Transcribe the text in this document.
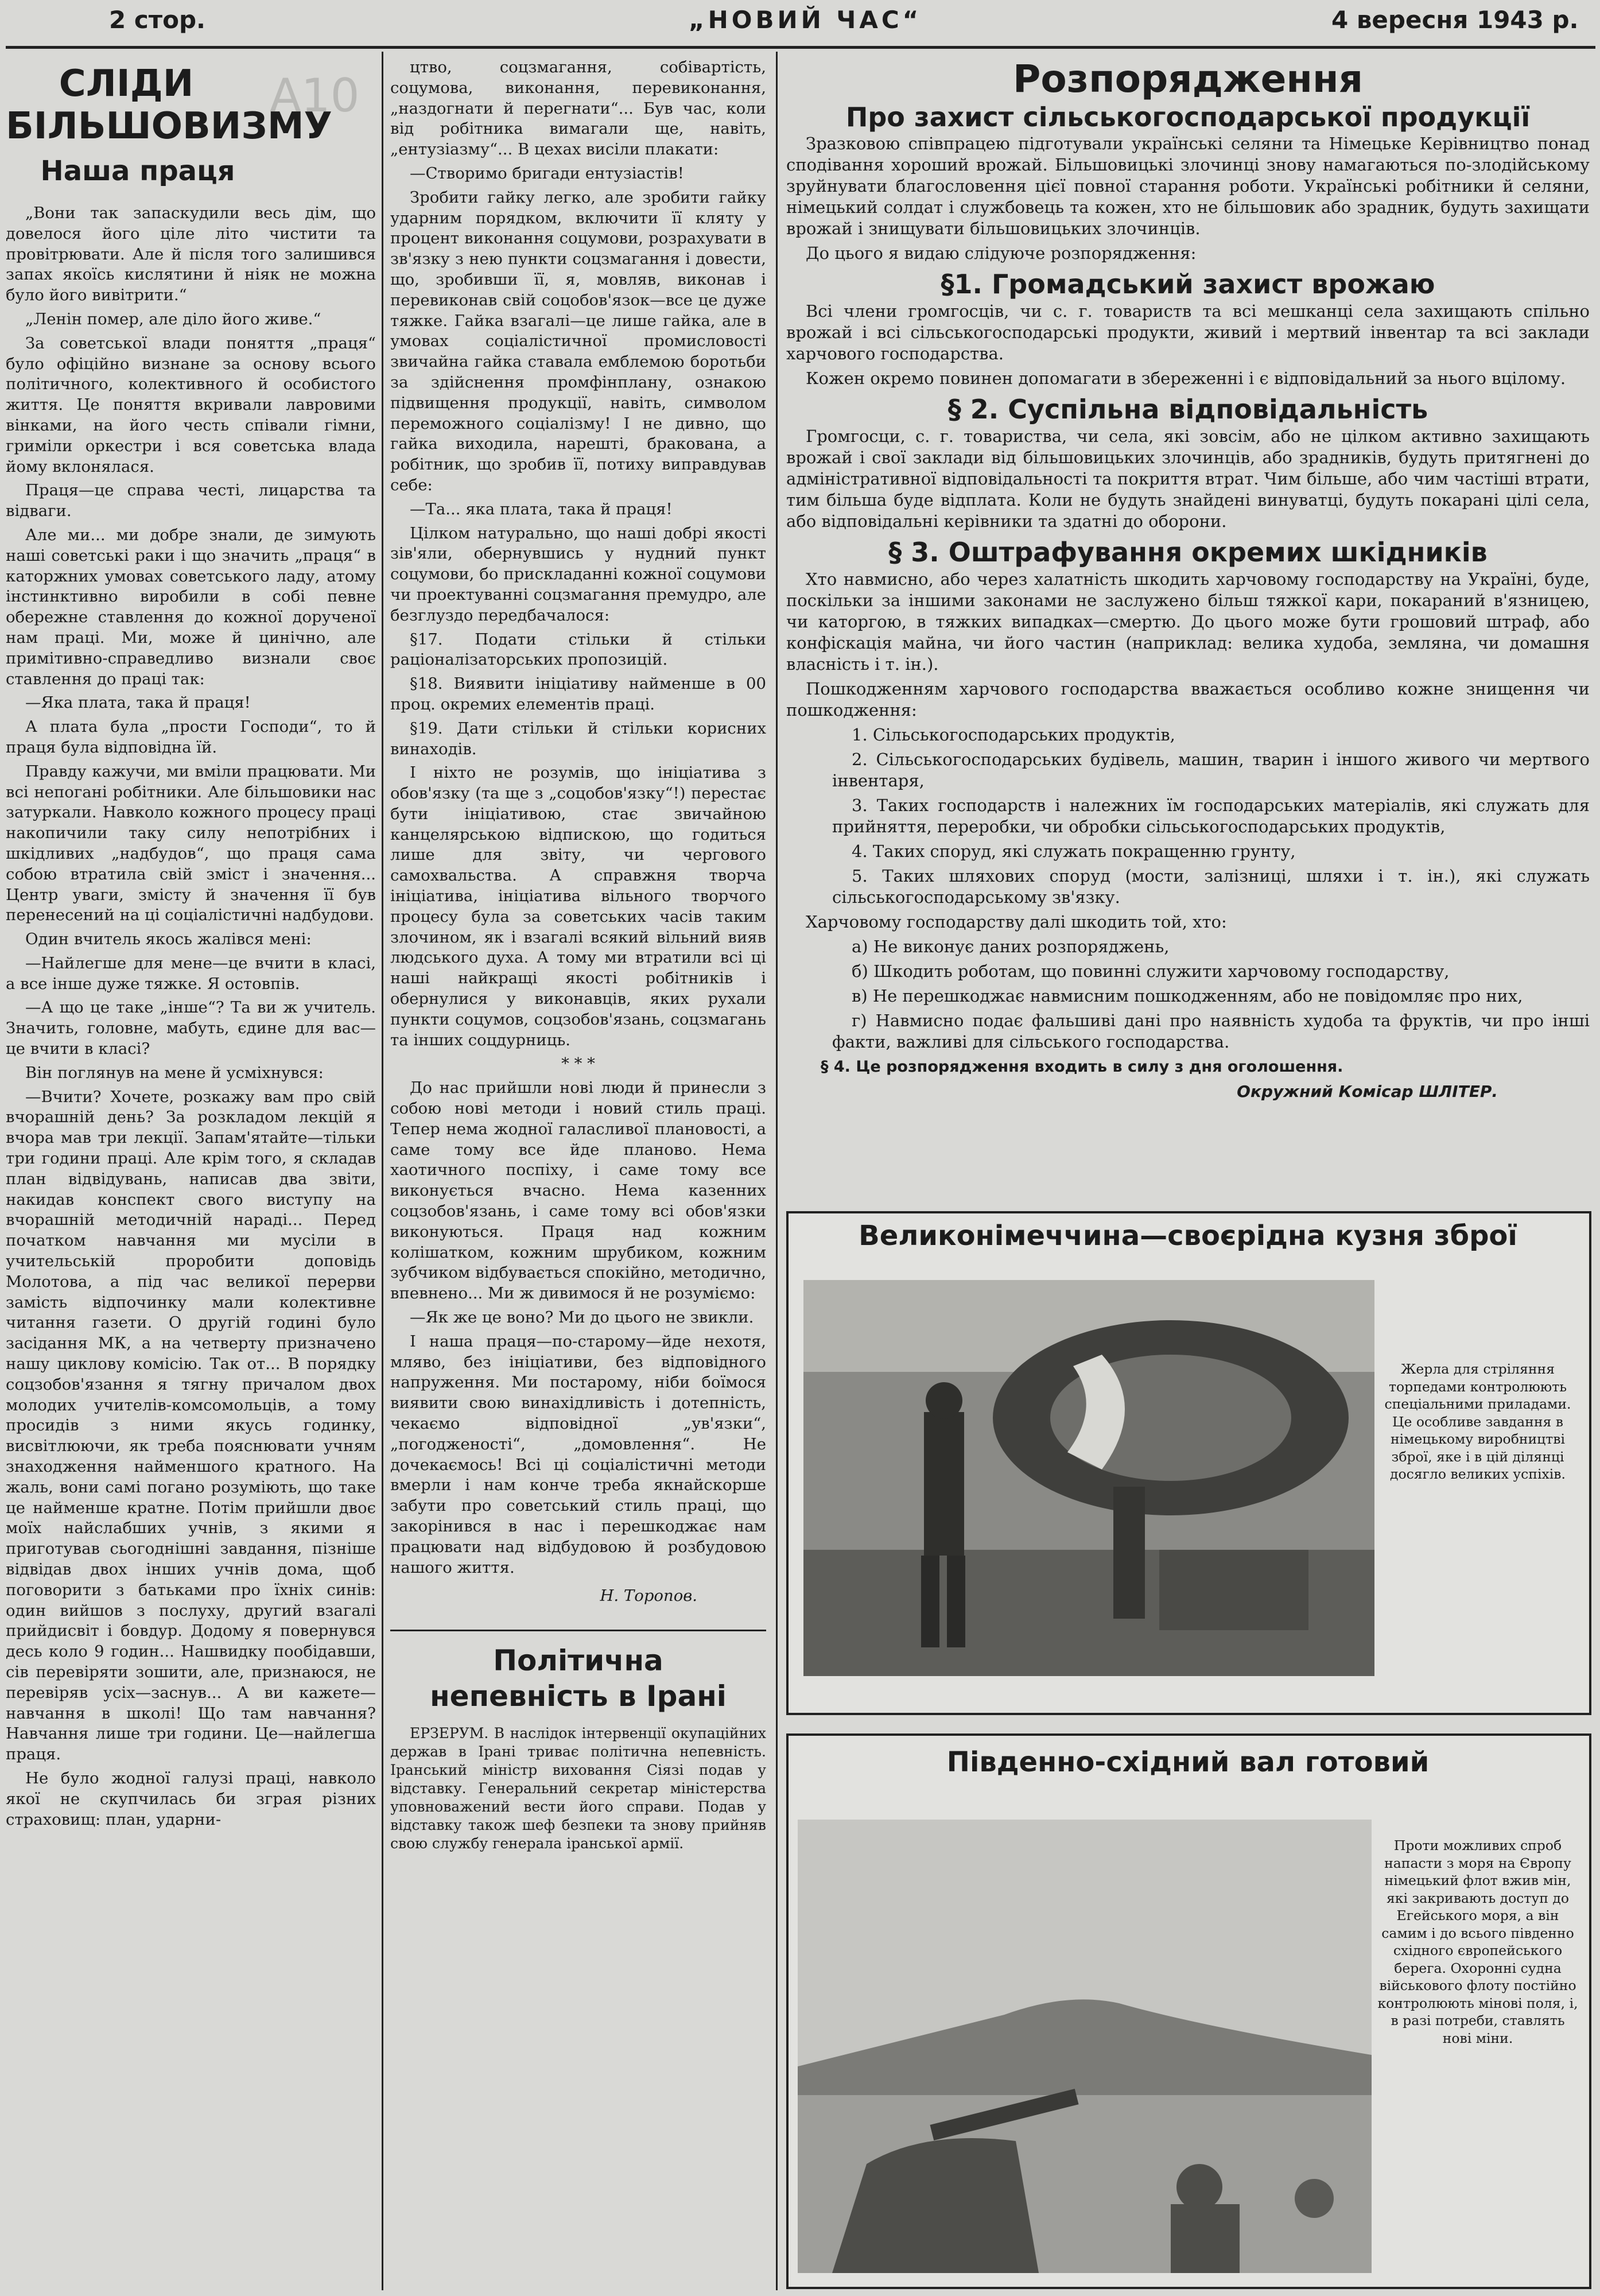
2 стор.	„НОВИЙ ЧАС“	4 вересня 1943 р.
А10
СЛІДИ
БІЛЬШОВИЗМУ
Наша праця

„Вони так запаскудили весь дім, що довелося його ціле літо чистити та провітрювати. Але й після того залишився запах якоїсь кислятини й ніяк не можна було його вивітрити.“

„Ленін помер, але діло його живе.“

За советської влади поняття „праця“ було офіційно визнане за основу всього політичного, колективного й особистого життя. Це поняття вкривали лавровими вінками, на його честь співали гімни, гриміли оркестри і вся советська влада йому вклонялася.

Праця—це справа честі, лицарства та відваги.

Але ми... ми добре знали, де зимують наші советські раки і що значить „праця“ в каторжних умовах советського ладу, атому інстинктивно виробили в собі певне обережне ставлення до кожної дорученої нам праці. Ми, може й цинічно, але примітивно-справедливо визнали своє ставлення до праці так:

—Яка плата, така й праця!

А плата була „прости Господи“, то й праця була відповідна їй.

Правду кажучи, ми вміли працювати. Ми всі непогані робітники. Але більшовики нас затуркали. Навколо кожного процесу праці накопичили таку силу непотрібних і шкідливих „надбудов“, що праця сама собою втратила свій зміст і значення... Центр уваги, змісту й значення її був перенесений на ці соціалістичні надбудови.

Один вчитель якось жалівся мені:

—Найлегше для мене—це вчити в класі, а все інше дуже тяжке. Я остовпів.

—А що це таке „інше“? Та ви ж учитель. Значить, головне, мабуть, єдине для вас—це вчити в класі?

Він поглянув на мене й усміхнувся:

—Вчити? Хочете, розкажу вам про свій вчорашній день? За розкладом лекцій я вчора мав три лекції. Запам'ятайте—тільки три години праці. Але крім того, я складав план відвідувань, написав два звіти, накидав конспект свого виступу на вчорашній методичній нараді... Перед початком навчання ми мусіли в учительській проробити доповідь Молотова, а під час великої перерви замість відпочинку мали колективне читання газети. О другій годині було засідання МК, а на четверту призначено нашу циклову комісію. Так от... В порядку соцзобов'язання я тягну причалом двох молодих учителів-комсомольців, а тому просидів з ними якусь годинку, висвітлюючи, як треба пояснювати учням знаходження найменшого кратного. На жаль, вони самі погано розуміють, що таке це найменше кратне. Потім прийшли двоє моїх найслабших учнів, з якими я приготував сьогоднішні завдання, пізніше відвідав двох інших учнів дома, щоб поговорити з батьками про їхніх синів: один вийшов з послуху, другий взагалі прийдисвіт і бовдур. Додому я повернувся десь коло 9 годин... Нашвидку пообідавши, сів перевіряти зошити, але, признаюся, не перевіряв усіх—заснув... А ви кажете—навчання в школі! Що там навчання? Навчання лише три години. Це—найлегша праця.

Не було жодної галузі праці, навколо якої не скупчилась би зграя різних страховищ: план, ударни-

цтво, соцзмагання, собівартість, соцумова, виконання, перевиконання, „наздогнати й перегнати“... Був час, коли від робітника вимагали ще, навіть, „ентузіазму“... В цехах висіли плакати:

—Створимо бригади ентузіастів!

Зробити гайку легко, але зробити гайку ударним порядком, включити її кляту у процент виконання соцумови, розрахувати в зв'язку з нею пункти соцзмагання і довести, що, зробивши її, я, мовляв, виконав і перевиконав свій соцобов'язок—все це дуже тяжке. Гайка взагалі—це лише гайка, але в умовах соціалістичної промисловості звичайна гайка ставала емблемою боротьби за здійснення промфінплану, ознакою підвищення продукції, навіть, символом переможного соціалізму! І не дивно, що гайка виходила, нарешті, бракована, а робітник, що зробив її, потиху виправдував себе:

—Та... яка плата, така й праця!

Цілком натурально, що наші добрі якості зів'яли, обернувшись у нудний пункт соцумови, бо прискладанні кожної соцумови чи проектуванні соцзмагання премудро, але безглуздо передбачалося:

§17. Подати стільки й стільки раціоналізаторських пропозицій.

§18. Виявити ініціативу найменше в 00 проц. окремих елементів праці.

§19. Дати стільки й стільки корисних винаходів.

І ніхто не розумів, що ініціатива з обов'язку (та ще з „соцобов'язку“!) перестає бути ініціативою, стає звичайною канцелярською відпискою, що годиться лише для звіту, чи чергового самохвальства. А справжня творча ініціатива, ініціатива вільного творчого процесу була за советських часів таким злочином, як і взагалі всякий вільний вияв людського духа. А тому ми втратили всі ці наші найкращі якості робітників і обернулися у виконавців, яких рухали пункти соцумов, соцзобов'язань, соцзмагань та інших соцдурниць.

* * *

До нас прийшли нові люди й принесли з собою нові методи і новий стиль праці. Тепер нема жодної галасливої плановості, а саме тому все йде планово. Нема хаотичного поспіху, і саме тому все виконується вчасно. Нема казенних соцзобов'язань, і саме тому всі обов'язки виконуються. Праця над кожним колішатком, кожним шрубиком, кожним зубчиком відбувається спокійно, методично, впевнено... Ми ж дивимося й не розуміємо:

—Як же це воно? Ми до цього не звикли.

І наша праця—по-старому—йде нехотя, мляво, без ініціативи, без відповідного напруження. Ми постарому, ніби боїмося виявити свою винахідливість і дотепність, чекаємо відповідної „ув'язки“, „погодженості“, „домовлення“. Не дочекаємось! Всі ці соціалістичні методи вмерли і нам конче треба якнайскорше забути про советський стиль праці, що закорінився в нас і перешкоджає нам працювати над відбудовою й розбудовою нашого життя.

Н. Торопов.
Політична непевність в Ірані

ЕРЗЕРУМ. В наслідок інтервенції окупаційних держав в Ірані триває політична непевність. Іранський міністр виховання Сіязі подав у відставку. Генеральний секретар міністерства уповноважений вести його справи. Подав у відставку також шеф безпеки та знову прийняв свою службу генерала іранської армії.

Розпорядження
Про захист сільськогосподарської продукції

Зразковою співпрацею підготували українські селяни та Німецьке Керівництво понад сподівання хороший врожай. Більшовицькі злочинці знову намагаються по-злодійському зруйнувати благословення цієї повної старання роботи. Українські робітники й селяни, німецький солдат і службовець та кожен, хто не більшовик або зрадник, будуть захищати врожай і знищувати більшовицьких злочинців.

До цього я видаю слідуюче розпорядження:

§1. Громадський захист врожаю

Всі члени громгосців, чи с. г. товариств та всі мешканці села захищають спільно врожай і всі сільськогосподарські продукти, живий і мертвий інвентар та всі заклади харчового господарства.

Кожен окремо повинен допомагати в збереженні і є відповідальний за нього вцілому.

§ 2. Суспільна відповідальність

Громгосци, с. г. товариства, чи села, які зовсім, або не цілком активно захищають врожай і свої заклади від більшовицьких злочинців, або зрадників, будуть притягнені до адміністративної відповідальності та покриття втрат. Чим більше, або чим частіші втрати, тим більша буде відплата. Коли не будуть знайдені винуватці, будуть покарані цілі села, або відповідальні керівники та здатні до оборони.

§ 3. Оштрафування окремих шкідників

Хто навмисно, або через халатність шкодить харчовому господарству на Україні, буде, поскільки за іншими законами не заслужено більш тяжкої кари, покараний в'язницею, чи каторгою, в тяжких випадках—смертю. До цього може бути грошовий штраф, або конфіскація майна, чи його частин (наприклад: велика худоба, земляна, чи домашня власність і т. ін.).

Пошкодженням харчового господарства вважається особливо кожне знищення чи пошкодження:

1. Сільськогосподарських продуктів,

2. Сільськогосподарських будівель, машин, тварин і іншого живого чи мертвого інвентаря,

3. Таких господарств і належних їм господарських матеріалів, які служать для прийняття, переробки, чи обробки сільськогосподарських продуктів,

4. Таких споруд, які служать покращенню грунту,

5. Таких шляхових споруд (мости, залізниці, шляхи і т. ін.), які служать сільськогосподарському зв'язку.

Харчовому господарству далі шкодить той, хто:

а) Не виконує даних розпоряджень,

б) Шкодить роботам, що повинні служити харчовому господарству,

в) Не перешкоджає навмисним пошкодженням, або не повідомляє про них,

г) Навмисно подає фальшиві дані про наявність худоба та фруктів, чи про інші факти, важливі для сільського господарства.

§ 4. Це розпорядження входить в силу з дня оголошення.

Окружний Комісар ШЛІТЕР.
Великонімеччина—своєрідна кузня зброї
Жерла для стріляння торпедами контролюють спеціальними приладами. Це особливе завдання в німецькому виробництві зброї, яке і в цій ділянці досягло великих успіхів.
Південно-східний вал готовий
Проти можливих спроб напасти з моря на Європу німецький флот вжив мін, які закривають доступ до Егейського моря, а він самим і до всього південно східного європейського берега. Охоронні судна військового флоту постійно контролюють мінові поля, і, в разі потреби, ставлять нові міни.
